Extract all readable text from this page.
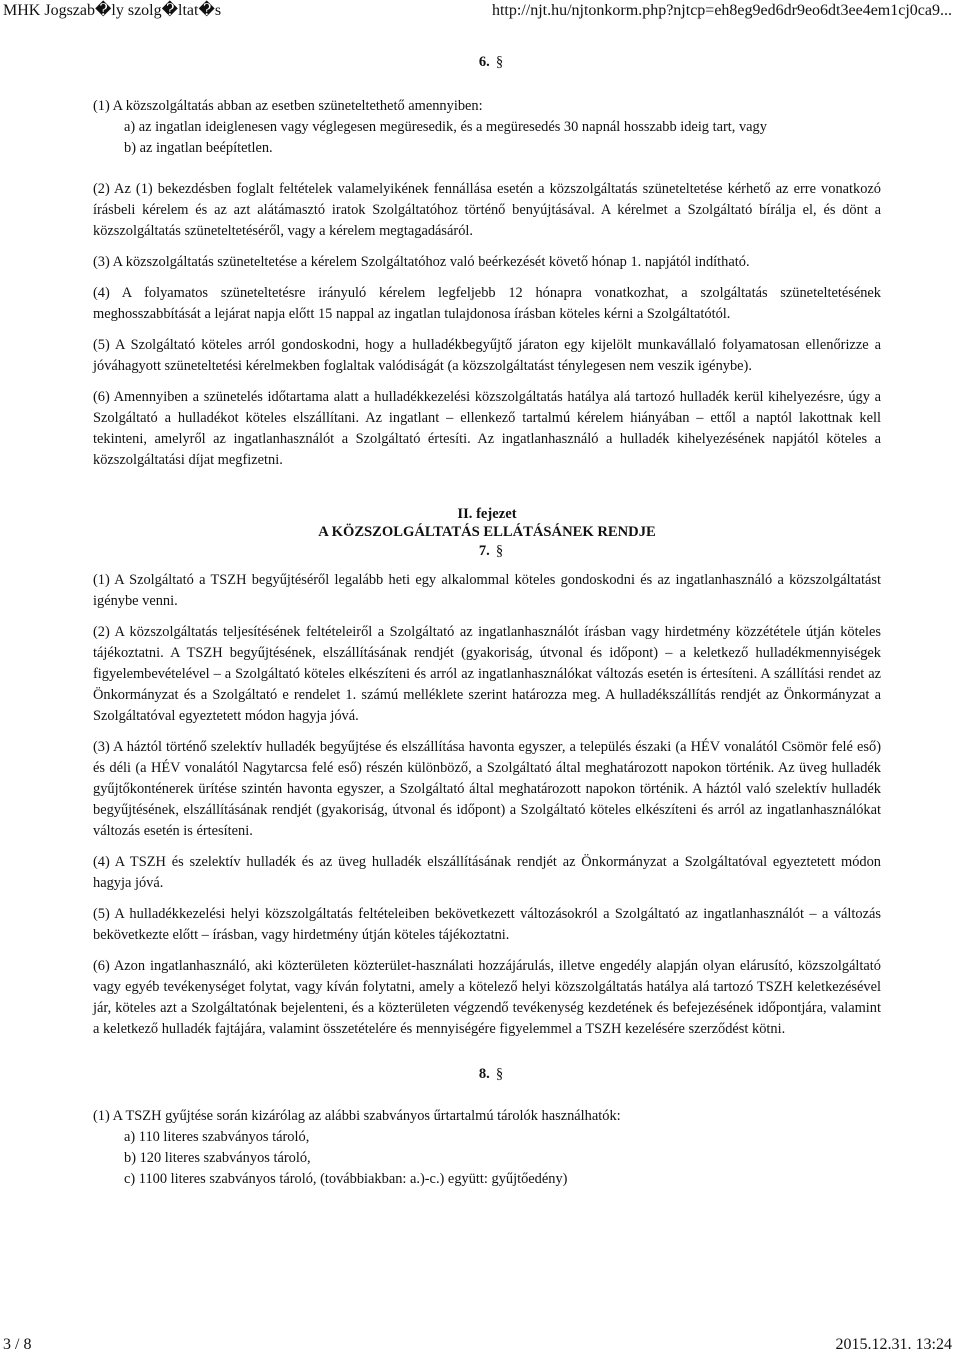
MHK Jogszab�ly szolg�ltat�s	http://njt.hu/njtonkorm.php?njtcp=eh8eg9ed6dr9eo6dt3ee4em1cj0ca9...
6. §

(1) A közszolgáltatás abban az esetben szüneteltethető amennyiben:

a) az ingatlan ideiglenesen vagy véglegesen megüresedik, és a megüresedés 30 napnál hosszabb ideig tart, vagy

b) az ingatlan beépítetlen.

(2) Az (1) bekezdésben foglalt feltételek valamelyikének fennállása esetén a közszolgáltatás szüneteltetése kérhető az erre vonatkozó írásbeli kérelem és az azt alátámasztó iratok Szolgáltatóhoz történő benyújtásával. A kérelmet a Szolgáltató bírálja el, és dönt a közszolgáltatás szüneteltetéséről, vagy a kérelem megtagadásáról.

(3) A közszolgáltatás szüneteltetése a kérelem Szolgáltatóhoz való beérkezését követő hónap 1. napjától indítható.

(4) A folyamatos szüneteltetésre irányuló kérelem legfeljebb 12 hónapra vonatkozhat, a szolgáltatás szüneteltetésének meghosszabbítását a lejárat napja előtt 15 nappal az ingatlan tulajdonosa írásban köteles kérni a Szolgáltatótól.

(5) A Szolgáltató köteles arról gondoskodni, hogy a hulladékbegyűjtő járaton egy kijelölt munkavállaló folyamatosan ellenőrizze a jóváhagyott szüneteltetési kérelmekben foglaltak valódiságát (a közszolgáltatást ténylegesen nem veszik igénybe).

(6) Amennyiben a szünetelés időtartama alatt a hulladékkezelési közszolgáltatás hatálya alá tartozó hulladék kerül kihelyezésre, úgy a Szolgáltató a hulladékot köteles elszállítani. Az ingatlant – ellenkező tartalmú kérelem hiányában – ettől a naptól lakottnak kell tekinteni, amelyről az ingatlanhasználót a Szolgáltató értesíti. Az ingatlanhasználó a hulladék kihelyezésének napjától köteles a közszolgáltatási díjat megfizetni.

II. fejezet
A KÖZSZOLGÁLTATÁS ELLÁTÁSÁNEK RENDJE
7. §

(1) A Szolgáltató a TSZH begyűjtéséről legalább heti egy alkalommal köteles gondoskodni és az ingatlanhasználó a közszolgáltatást igénybe venni.

(2) A közszolgáltatás teljesítésének feltételeiről a Szolgáltató az ingatlanhasználót írásban vagy hirdetmény közzététele útján köteles tájékoztatni. A TSZH begyűjtésének, elszállításának rendjét (gyakoriság, útvonal és időpont) – a keletkező hulladékmennyiségek figyelembevételével – a Szolgáltató köteles elkészíteni és arról az ingatlanhasználókat változás esetén is értesíteni. A szállítási rendet az Önkormányzat és a Szolgáltató e rendelet 1. számú melléklete szerint határozza meg. A hulladékszállítás rendjét az Önkormányzat a Szolgáltatóval egyeztetett módon hagyja jóvá.

(3) A háztól történő szelektív hulladék begyűjtése és elszállítása havonta egyszer, a település északi (a HÉV vonalától Csömör felé eső) és déli (a HÉV vonalától Nagytarcsa felé eső) részén különböző, a Szolgáltató által meghatározott napokon történik. Az üveg hulladék gyűjtőkonténerek ürítése szintén havonta egyszer, a Szolgáltató által meghatározott napokon történik. A háztól való szelektív hulladék begyűjtésének, elszállításának rendjét (gyakoriság, útvonal és időpont) a Szolgáltató köteles elkészíteni és arról az ingatlanhasználókat változás esetén is értesíteni.

(4) A TSZH és szelektív hulladék és az üveg hulladék elszállításának rendjét az Önkormányzat a Szolgáltatóval egyeztetett módon hagyja jóvá.

(5) A hulladékkezelési helyi közszolgáltatás feltételeiben bekövetkezett változásokról a Szolgáltató az ingatlanhasználót – a változás bekövetkezte előtt – írásban, vagy hirdetmény útján köteles tájékoztatni.

(6) Azon ingatlanhasználó, aki közterületen közterület-használati hozzájárulás, illetve engedély alapján olyan elárusító, közszolgáltató vagy egyéb tevékenységet folytat, vagy kíván folytatni, amely a kötelező helyi közszolgáltatás hatálya alá tartozó TSZH keletkezésével jár, köteles azt a Szolgáltatónak bejelenteni, és a közterületen végzendő tevékenység kezdetének és befejezésének időpontjára, valamint a keletkező hulladék fajtájára, valamint összetételére és mennyiségére figyelemmel a TSZH kezelésére szerződést kötni.

8. §

(1) A TSZH gyűjtése során kizárólag az alábbi szabványos űrtartalmú tárolók használhatók:

a) 110 literes szabványos tároló,

b) 120 literes szabványos tároló,

c) 1100 literes szabványos tároló, (továbbiakban: a.)-c.) együtt: gyűjtőedény)

3 / 8	2015.12.31. 13:24
